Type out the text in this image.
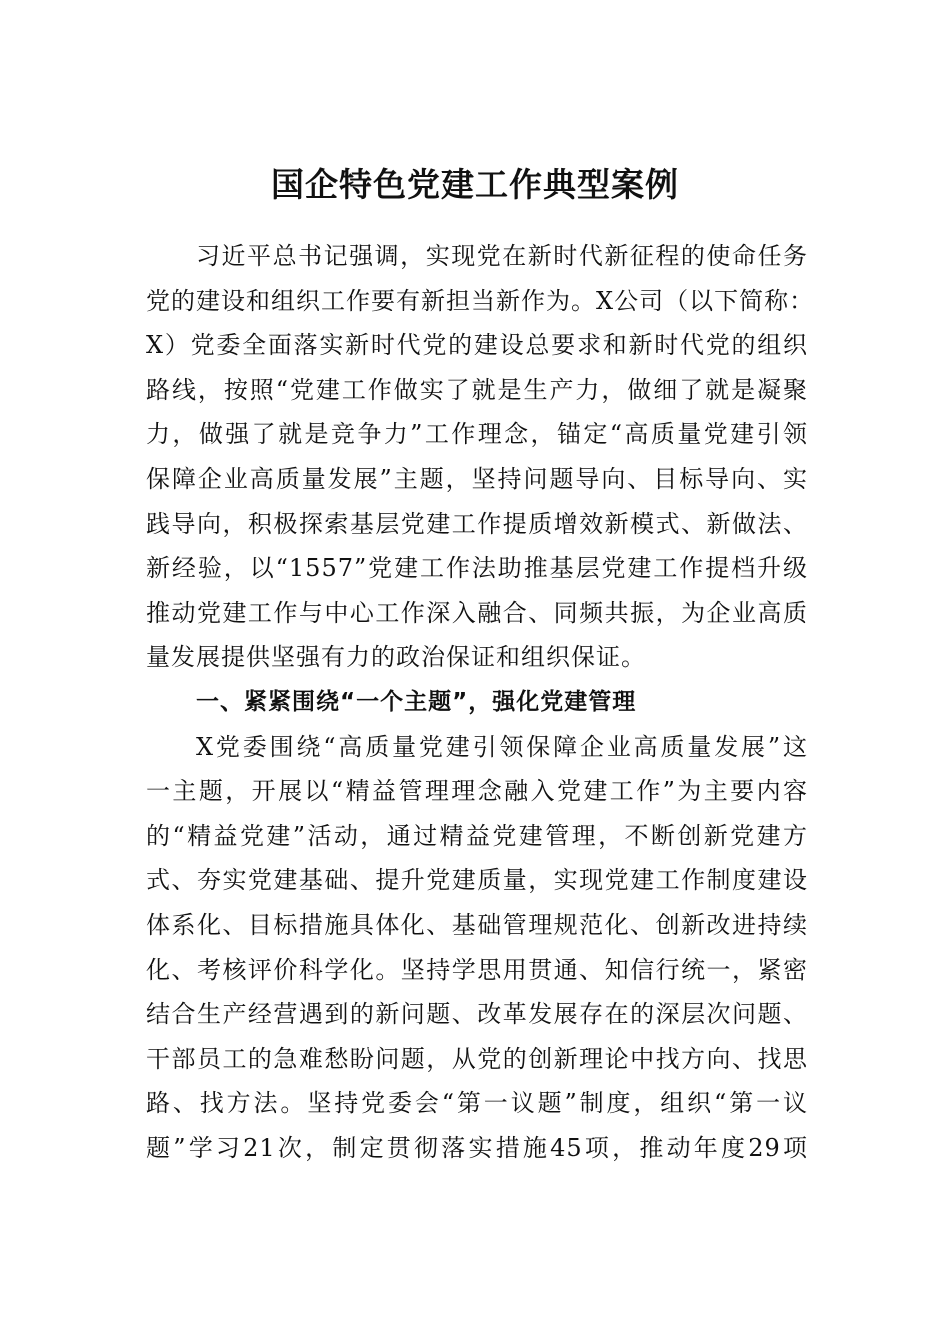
国企特色党建工作典型案例
习近平总书记强调，实现党在新时代新征程的使命任务
党的建设和组织工作要有新担当新作为。X公司（以下简称：
X）党委全面落实新时代党的建设总要求和新时代党的组织
路线，按照“党建工作做实了就是生产力，做细了就是凝聚
力，做强了就是竞争力”工作理念，锚定“高质量党建引领
保障企业高质量发展”主题，坚持问题导向、目标导向、实
践导向，积极探索基层党建工作提质增效新模式、新做法、
新经验，以“1557”党建工作法助推基层党建工作提档升级
推动党建工作与中心工作深入融合、同频共振，为企业高质
量发展提供坚强有力的政治保证和组织保证。
一、紧紧围绕“一个主题”，强化党建管理
X党委围绕“高质量党建引领保障企业高质量发展”这
一主题，开展以“精益管理理念融入党建工作”为主要内容
的“精益党建”活动，通过精益党建管理，不断创新党建方
式、夯实党建基础、提升党建质量，实现党建工作制度建设
体系化、目标措施具体化、基础管理规范化、创新改进持续
化、考核评价科学化。坚持学思用贯通、知信行统一，紧密
结合生产经营遇到的新问题、改革发展存在的深层次问题、
干部员工的急难愁盼问题，从党的创新理论中找方向、找思
路、找方法。坚持党委会“第一议题”制度，组织“第一议
题”学习21次，制定贯彻落实措施45项，推动年度29项
